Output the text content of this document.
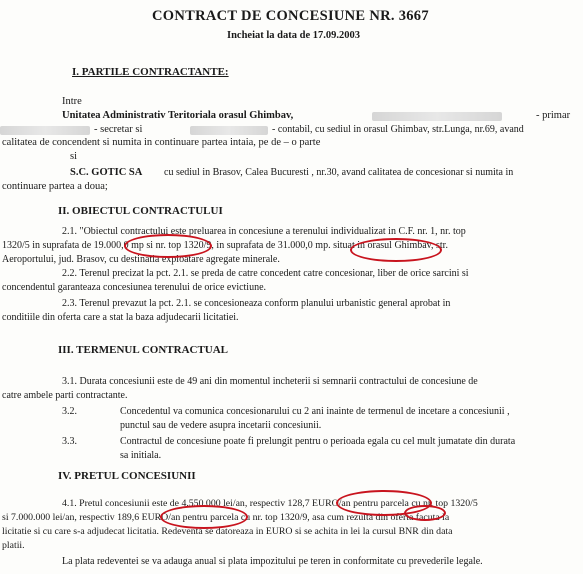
CONTRACT DE CONCESIUNE NR. 3667
Incheiat la data de 17.09.2003
I. PARTILE CONTRACTANTE:
Intre
Unitatea Administrativ Teritoriala orasul Ghimbav,	- primar
- secretar si	- contabil, cu sediul in orasul Ghimbav, str.Lunga, nr.69, avand
calitatea de concendent si numita in continuare partea intaia, pe de – o parte
si
S.C. GOTIC SA cu sediul in Brasov, Calea Bucuresti , nr.30, avand calitatea de concesionar si numita in
continuare partea a doua;
II. OBIECTUL CONTRACTULUI
2.1. "Obiectul contractului este preluarea in concesiune a terenului individualizat in C.F. nr. 1, nr. top
1320/5 in suprafata de 19.000,0 mp si nr. top 1320/9, in suprafata de 31.000,0 mp. situat in orasul Ghimbav, str.
Aeroportului, jud. Brasov, cu destinatia exploatare agregate minerale.
2.2. Terenul precizat la pct. 2.1. se preda de catre concedent catre concesionar, liber de orice sarcini si
concendentul garanteaza concesiunea terenului de orice evictiune.
2.3. Terenul prevazut la pct. 2.1. se concesioneaza conform planului urbanistic general aprobat in
conditiile din oferta care a stat la baza adjudecarii licitatiei.
III. TERMENUL CONTRACTUAL
3.1. Durata concesiunii este de 49 ani din momentul incheterii si semnarii contractului de concesiune de
catre ambele parti contractante.
3.2.	Concedentul va comunica concesionarului cu 2 ani inainte de termenul de incetare a concesiunii ,
punctul sau de vedere asupra incetarii concesiunii.
3.3.	Contractul de concesiune poate fi prelungit pentru o perioada egala cu cel mult jumatate din durata
sa initiala.
IV. PRETUL CONCESIUNII
4.1. Pretul concesiunii este de 4.550.000 lei/an, respectiv 128,7 EURO/an pentru parcela cu nr. top 1320/5
si 7.000.000 lei/an, respectiv 189,6 EURO/an pentru parcela cu nr. top 1320/9, asa cum rezulta din oferta facuta la
licitatie si cu care s-a adjudecat licitatia. Redeventa se datoreaza in EURO si se achita in lei la cursul BNR din data
platii.
La plata redeventei se va adauga anual si plata impozitului pe teren in conformitate cu prevederile legale.
